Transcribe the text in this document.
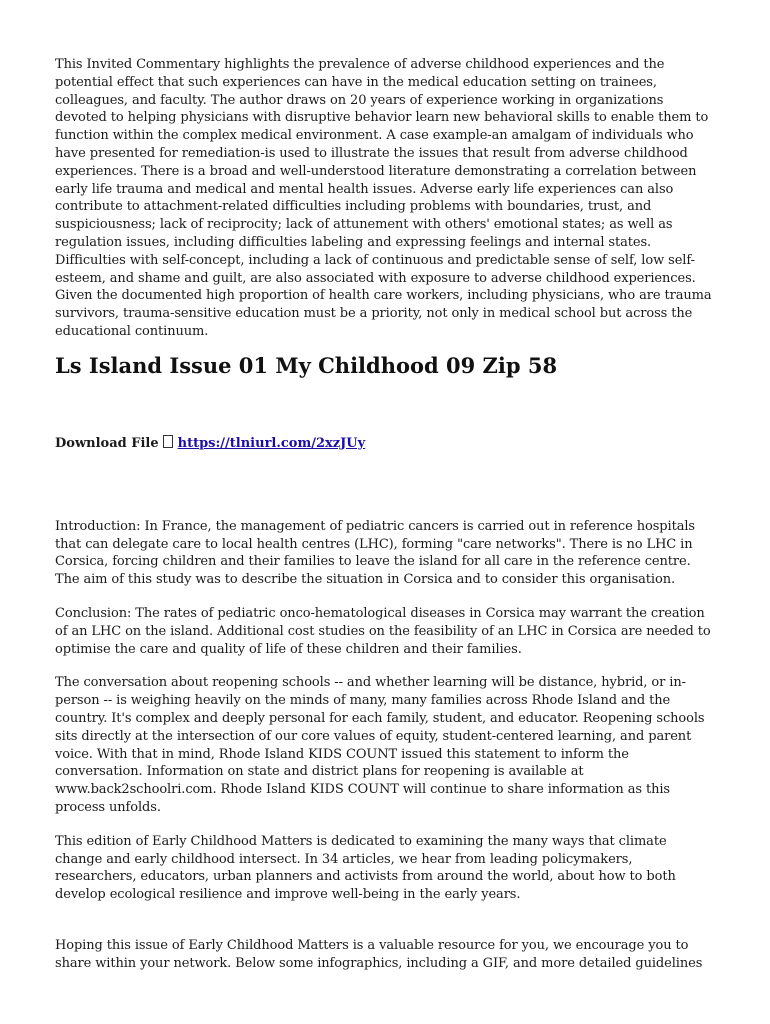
This Invited Commentary highlights the prevalence of adverse childhood experiences and the potential effect that such experiences can have in the medical education setting on trainees, colleagues, and faculty. The author draws on 20 years of experience working in organizations devoted to helping physicians with disruptive behavior learn new behavioral skills to enable them to function within the complex medical environment. A case example-an amalgam of individuals who have presented for remediation-is used to illustrate the issues that result from adverse childhood experiences. There is a broad and well-understood literature demonstrating a correlation between early life trauma and medical and mental health issues. Adverse early life experiences can also contribute to attachment-related difficulties including problems with boundaries, trust, and suspiciousness; lack of reciprocity; lack of attunement with others' emotional states; as well as regulation issues, including difficulties labeling and expressing feelings and internal states. Difficulties with self-concept, including a lack of continuous and predictable sense of self, low self-esteem, and shame and guilt, are also associated with exposure to adverse childhood experiences. Given the documented high proportion of health care workers, including physicians, who are trauma survivors, trauma-sensitive education must be a priority, not only in medical school but across the educational continuum.

Ls Island Issue 01 My Childhood 09 Zip 58
Download File https://tlniurl.com/2xzJUy

Introduction: In France, the management of pediatric cancers is carried out in reference hospitals that can delegate care to local health centres (LHC), forming "care networks". There is no LHC in Corsica, forcing children and their families to leave the island for all care in the reference centre. The aim of this study was to describe the situation in Corsica and to consider this organisation.

Conclusion: The rates of pediatric onco-hematological diseases in Corsica may warrant the creation of an LHC on the island. Additional cost studies on the feasibility of an LHC in Corsica are needed to optimise the care and quality of life of these children and their families.

The conversation about reopening schools -- and whether learning will be distance, hybrid, or in-person -- is weighing heavily on the minds of many, many families across Rhode Island and the country. It's complex and deeply personal for each family, student, and educator. Reopening schools sits directly at the intersection of our core values of equity, student-centered learning, and parent voice. With that in mind, Rhode Island KIDS COUNT issued this statement to inform the conversation. Information on state and district plans for reopening is available at www.back2schoolri.com. Rhode Island KIDS COUNT will continue to share information as this process unfolds.

This edition of Early Childhood Matters is dedicated to examining the many ways that climate change and early childhood intersect. In 34 articles, we hear from leading policymakers, researchers, educators, urban planners and activists from around the world, about how to both develop ecological resilience and improve well-being in the early years.

Hoping this issue of Early Childhood Matters is a valuable resource for you, we encourage you to share within your network. Below some infographics, including a GIF, and more detailed guidelines
